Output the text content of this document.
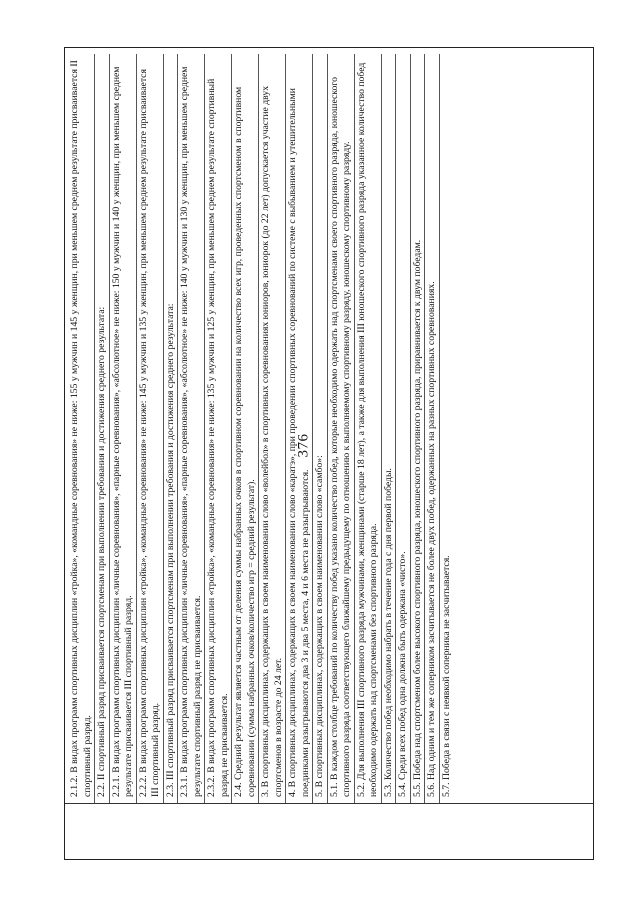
376
2.1.2. В видах программ спортивных дисциплин «тройка», «командные соревнования» не ниже: 155 у мужчин и 145 у женщин, при меньшем среднем результате присваивается II спортивный разряд. 2.2. II спортивный разряд присваивается спортсменам при выполнении требования и достижения среднего результата: 2.2.1. В видах программ спортивных дисциплин «личные соревнования», «парные соревнования», «абсолютное» не ниже: 150 у мужчин и 140 у женщин, при меньшем среднем результате присваивается III спортивный разряд. 2.2.2. В видах программ спортивных дисциплин «тройка», «командные соревнования» не ниже: 145 у мужчин и 135 у женщин, при меньшем среднем результате присваивается III спортивный разряд. 2.3. III спортивный разряд присваивается спортсменам при выполнении требования и достижения среднего результата: 2.3.1. В видах программ спортивных дисциплин «личные соревнования», «парные соревнования», «абсолютное» не ниже: 140 у мужчин и 130 у женщин, при меньшем среднем результате спортивный разряд не присваивается. 2.3.2. В видах программ спортивных дисциплин «тройка», «командные соревнования» не ниже: 135 у мужчин и 125 у женщин, при меньшем среднем результате спортивный разряд не присваивается. 2.4. Средний результат является частным от деления суммы набранных очков в спортивном соревновании на количество всех игр, проведенных спортсменом в спортивном соревновании (сумма набранных очков/количество игр = средний результат). 3. В спортивных дисциплинах, содержащих в своем наименовании слово «волейбол» в спортивных соревнованиях юниоров, юниорок (до 22 лет) допускается участие двух спортсменов в возрасте до 24 лет. 4. В спортивных дисциплинах, содержащих в своем наименовании слово «каратэ», при проведении спортивных соревнований по системе с выбыванием и утешительными поединками разыгрываются два 3 и два 5 места, 4 и 6 места не разыгрываются. 5. В спортивных дисциплинах, содержащих в своем наименовании слово «самбо»: 5.1. В каждом столбце требований по количеству побед указано количество побед, которые необходимо одержать над спортсменами своего спортивного разряда, юношеского спортивного разряда соответствующего ближайшему предыдущему по отношению к выполняемому спортивному разряду, юношескому спортивному разряду. 5.2. Для выполнения III спортивного разряда мужчинами, женщинами (старше 18 лет), а также для выполнения III юношеского спортивного разряда указанное количество побед необходимо одержать над спортсменами без спортивного разряда. 5.3. Количество побед необходимо набрать в течение года с дня первой победы. 5.4. Среди всех побед одна должна быть одержана «чисто». 5.5. Победа над спортсменом более высокого спортивного разряда, юношеского спортивного разряда, приравнивается к двум победам. 5.6. Над одним и тем же соперником засчитывается не более двух побед, одержанных на разных спортивных соревнованиях. 5.7. Победа в связи с неявкой соперника не засчитывается.
